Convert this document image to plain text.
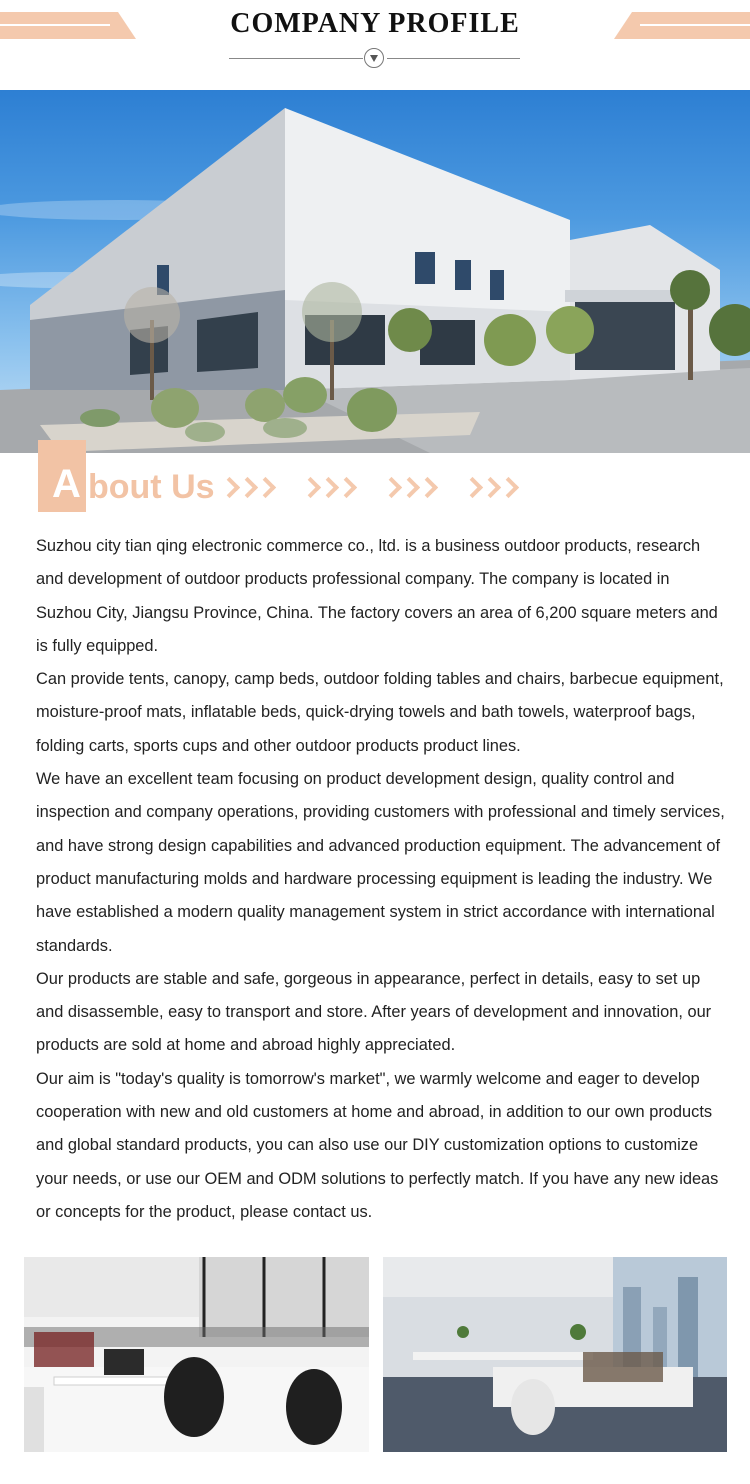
COMPANY PROFILE
A bout Us

Suzhou city tian qing electronic commerce co., ltd. is a business outdoor products, research and development of outdoor products professional company. The company is located in Suzhou City, Jiangsu Province, China. The factory covers an area of 6,200 square meters and is fully equipped.

Can provide tents, canopy, camp beds, outdoor folding tables and chairs, barbecue equipment, moisture-proof mats, inflatable beds, quick-drying towels and bath towels, waterproof bags, folding carts, sports cups and other outdoor products product lines.

We have an excellent team focusing on product development design, quality control and inspection and company operations, providing customers with professional and timely services, and have strong design capabilities and advanced production equipment. The advancement of product manufacturing molds and hardware processing equipment is leading the industry. We have established a modern quality management system in strict accordance with international standards.

Our products are stable and safe, gorgeous in appearance, perfect in details, easy to set up and disassemble, easy to transport and store. After years of development and innovation, our products are sold at home and abroad highly appreciated.

Our aim is "today's quality is tomorrow's market", we warmly welcome and eager to develop cooperation with new and old customers at home and abroad, in addition to our own products and global standard products, you can also use our DIY customization options to customize your needs, or use our OEM and ODM solutions to perfectly match. If you have any new ideas or concepts for the product, please contact us.
